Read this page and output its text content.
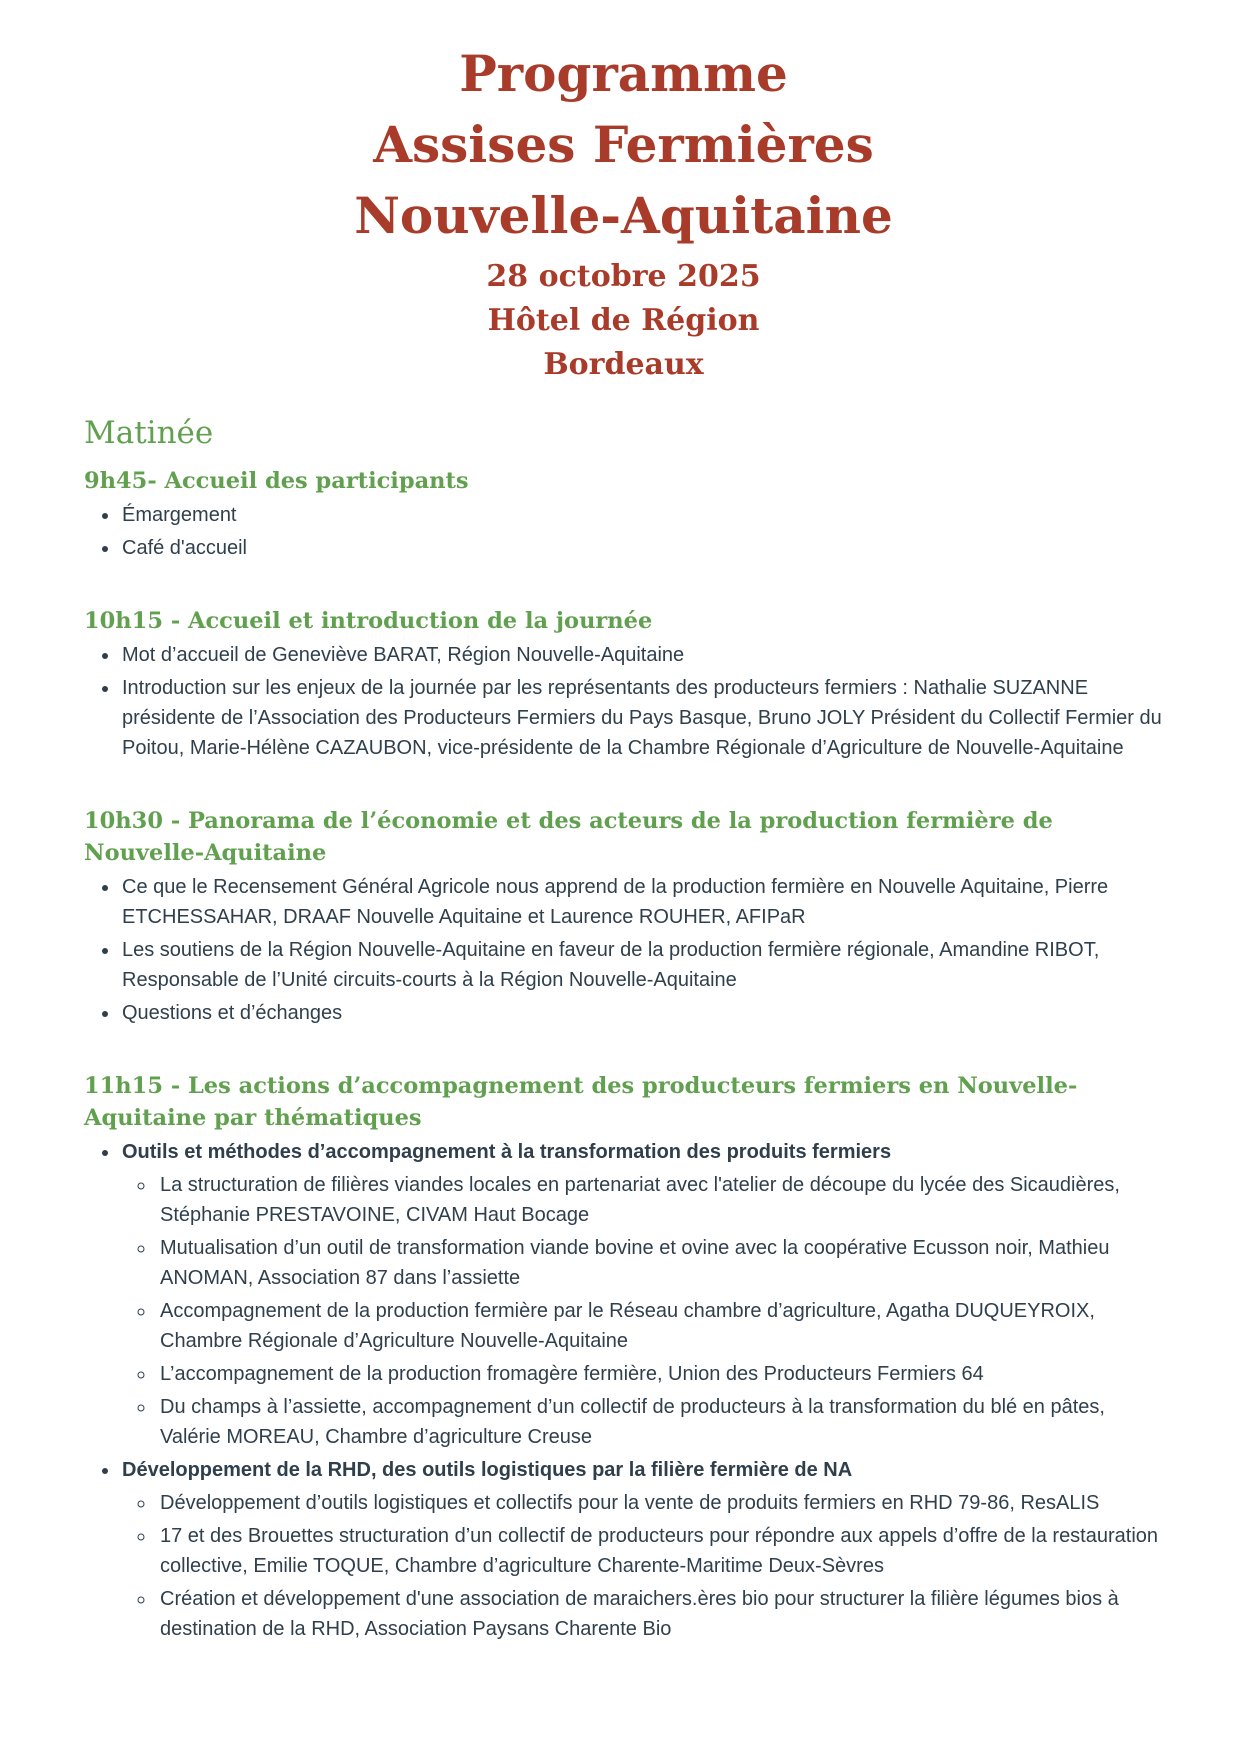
Programme
Assises Fermières
Nouvelle-Aquitaine
28 octobre 2025
Hôtel de Région
Bordeaux
Matinée
9h45- Accueil des participants
• Émargement
• Café d'accueil
10h15 - Accueil et introduction de la journée
• Mot d’accueil de Geneviève BARAT, Région Nouvelle-Aquitaine
• Introduction sur les enjeux de la journée par les représentants des producteurs fermiers : Nathalie SUZANNE présidente de l’Association des Producteurs Fermiers du Pays Basque, Bruno JOLY Président du Collectif Fermier du Poitou, Marie-Hélène CAZAUBON, vice-présidente de la Chambre Régionale d’Agriculture de Nouvelle-Aquitaine
10h30 - Panorama de l’économie et des acteurs de la production fermière de Nouvelle-Aquitaine
• Ce que le Recensement Général Agricole nous apprend de la production fermière en Nouvelle Aquitaine, Pierre ETCHESSAHAR, DRAAF Nouvelle Aquitaine et Laurence ROUHER, AFIPaR
• Les soutiens de la Région Nouvelle-Aquitaine en faveur de la production fermière régionale, Amandine RIBOT, Responsable de l’Unité circuits-courts à la Région Nouvelle-Aquitaine
• Questions et d’échanges
11h15 - Les actions d’accompagnement des producteurs fermiers en Nouvelle- Aquitaine par thématiques
• Outils et méthodes d’accompagnement à la transformation des produits fermiers
◦ La structuration de filières viandes locales en partenariat avec l'atelier de découpe du lycée des Sicaudières, Stéphanie PRESTAVOINE, CIVAM Haut Bocage
◦ Mutualisation d’un outil de transformation viande bovine et ovine avec la coopérative Ecusson noir, Mathieu ANOMAN, Association 87 dans l’assiette
◦ Accompagnement de la production fermière par le Réseau chambre d’agriculture, Agatha DUQUEYROIX, Chambre Régionale d’Agriculture Nouvelle-Aquitaine
◦ L’accompagnement de la production fromagère fermière, Union des Producteurs Fermiers 64
◦ Du champs à l’assiette, accompagnement d’un collectif de producteurs à la transformation du blé en pâtes, Valérie MOREAU, Chambre d’agriculture Creuse
• Développement de la RHD, des outils logistiques par la filière fermière de NA
◦ Développement d’outils logistiques et collectifs pour la vente de produits fermiers en RHD 79-86, ResALIS
◦ 17 et des Brouettes structuration d’un collectif de producteurs pour répondre aux appels d’offre de la restauration collective, Emilie TOQUE, Chambre d’agriculture Charente-Maritime Deux-Sèvres
◦ Création et développement d'une association de maraichers.ères bio pour structurer la filière légumes bios à destination de la RHD, Association Paysans Charente Bio
